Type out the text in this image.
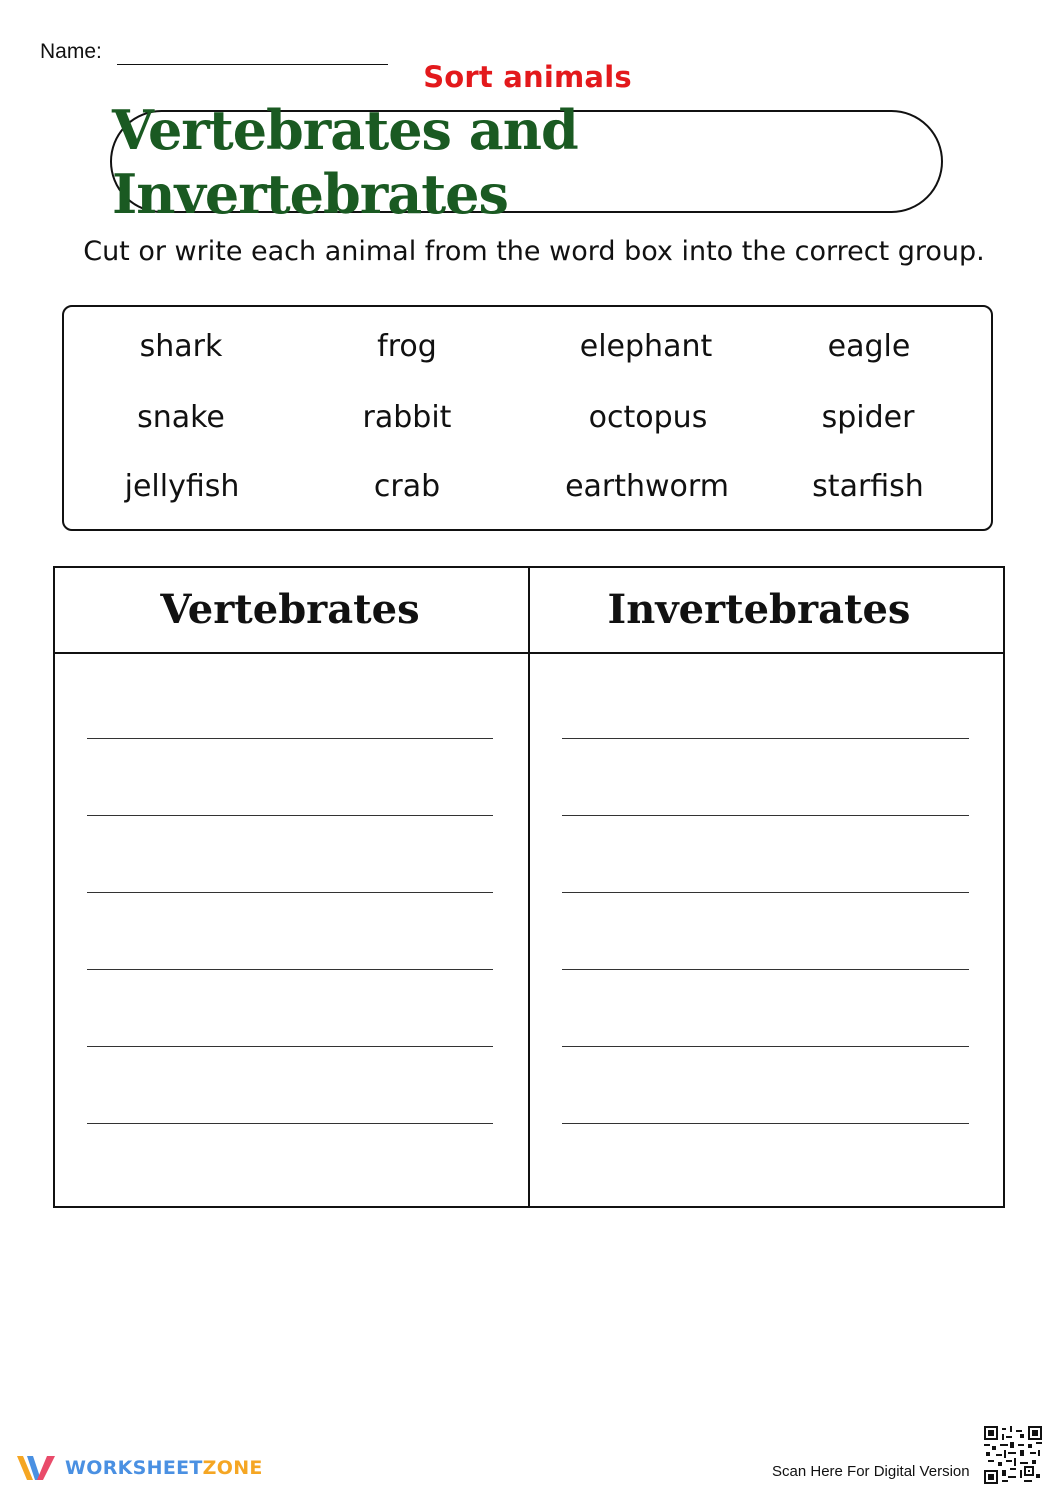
Name:
Sort animals
Vertebrates and Invertebrates
Cut or write each animal from the word box into the correct group.
shark	frog	elephant	eagle
snake	rabbit	octopus	spider
jellyfish	crab	earthworm	starfish
Vertebrates	Invertebrates
WORKSHEETZONE	Scan Here For Digital Version
